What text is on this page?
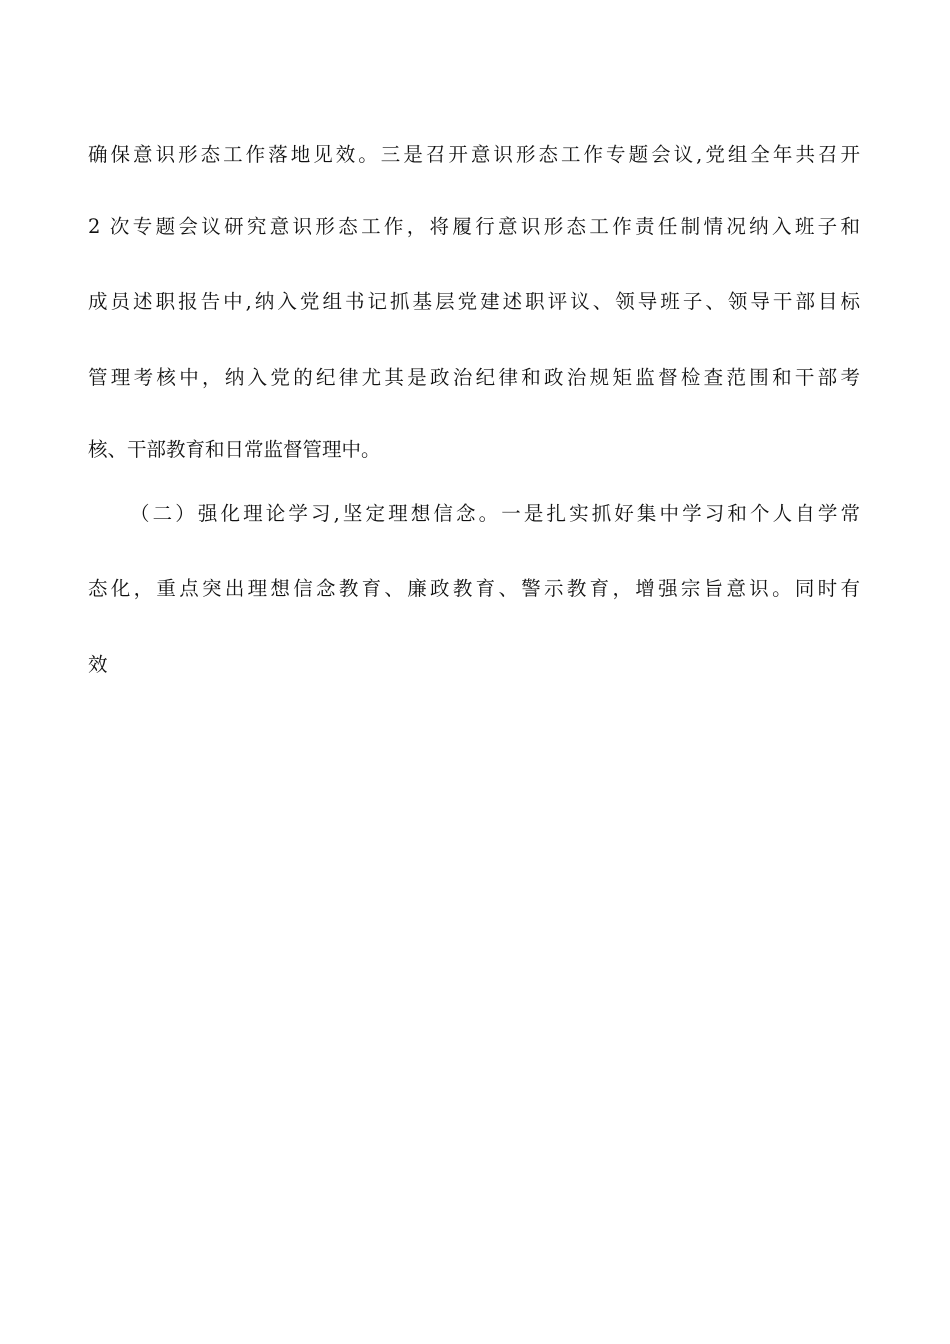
确保意识形态工作落地见效。三是召开意识形态工作专题会议,党组全年共召开
2 次专题会议研究意识形态工作，将履行意识形态工作责任制情况纳入班子和
成员述职报告中,纳入党组书记抓基层党建述职评议、领导班子、领导干部目标
管理考核中，纳入党的纪律尤其是政治纪律和政治规矩监督检查范围和干部考
核、干部教育和日常监督管理中。
（二）强化理论学习,坚定理想信念。一是扎实抓好集中学习和个人自学常
态化，重点突出理想信念教育、廉政教育、警示教育，增强宗旨意识。同时有
效
